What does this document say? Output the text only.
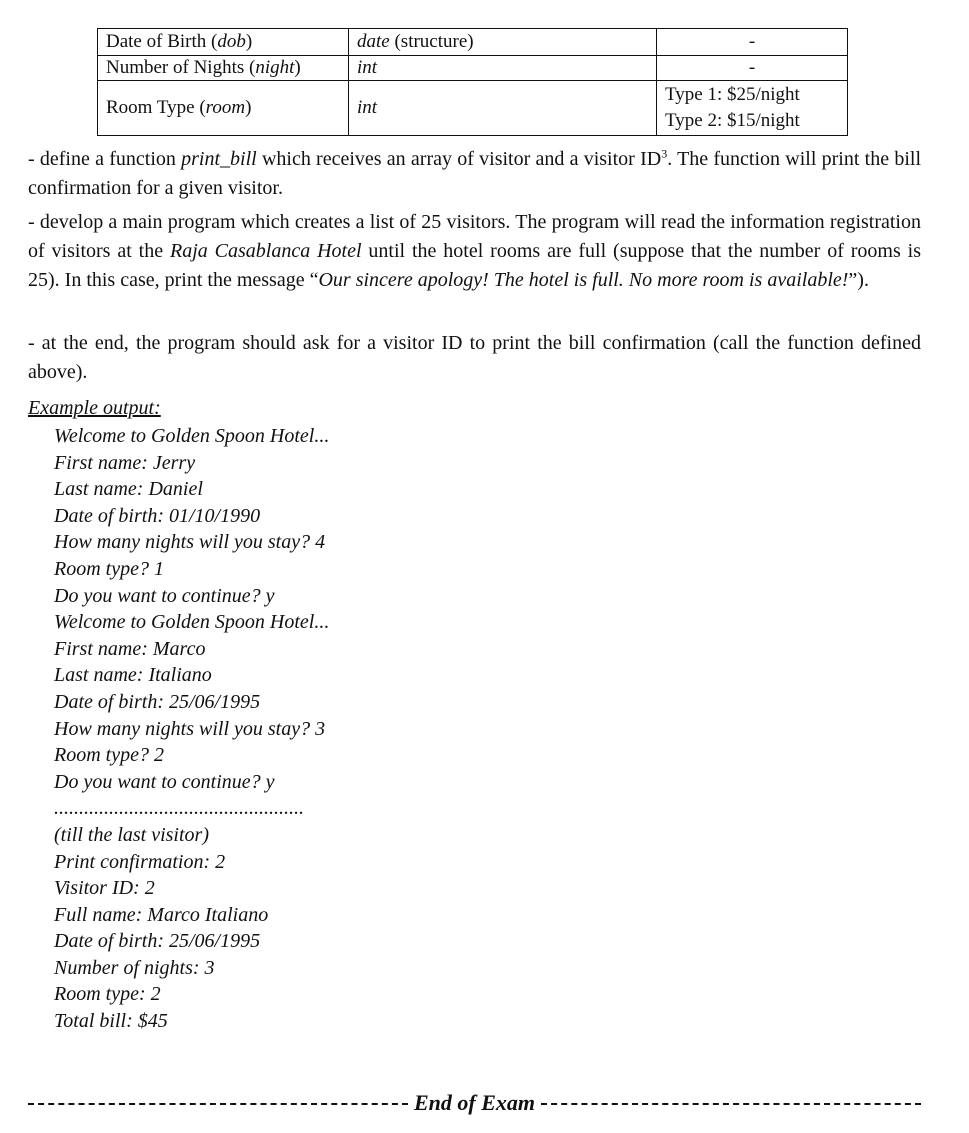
Date of Birth (dob)	date (structure)	-
Number of Nights (night)	int	-
Room Type (room)	int	Type 1: $25/night
Type 2: $15/night
- define a function print_bill which receives an array of visitor and a visitor $ID^3$. The function will print the bill confirmation for a given visitor.
- develop a main program which creates a list of 25 visitors. The program will read the information registration of visitors at the Raja Casablanca Hotel until the hotel rooms are full (suppose that the number of rooms is 25). In this case, print the message “Our sincere apology! The hotel is full. No more room is available!”).
- at the end, the program should ask for a visitor ID to print the bill confirmation (call the function defined above).
Example output:
Welcome to Golden Spoon Hotel...
First name: Jerry
Last name: Daniel
Date of birth: 01/10/1990
How many nights will you stay? 4
Room type? 1
Do you want to continue? y
Welcome to Golden Spoon Hotel...
First name: Marco
Last name: Italiano
Date of birth: 25/06/1995
How many nights will you stay? 3
Room type? 2
Do you want to continue? y
..................................................
(till the last visitor)
Print confirmation: 2
Visitor ID: 2
Full name: Marco Italiano
Date of birth: 25/06/1995
Number of nights: 3
Room type: 2
Total bill: $45
End of Exam
